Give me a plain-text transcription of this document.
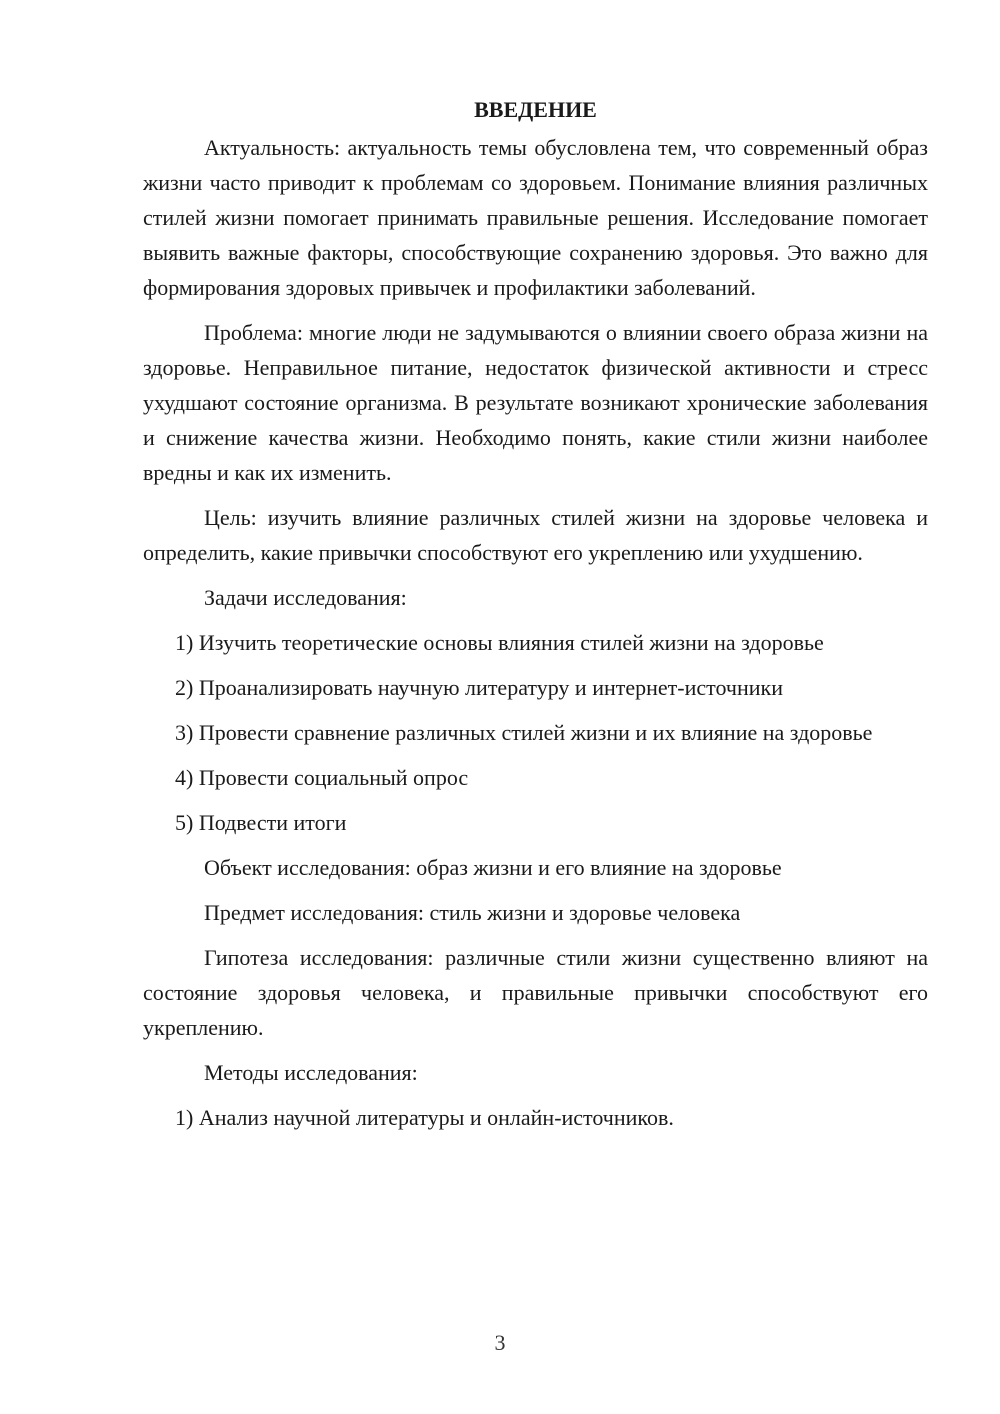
ВВЕДЕНИЕ

Актуальность: актуальность темы обусловлена тем, что современный образ жизни часто приводит к проблемам со здоровьем. Понимание влияния различных стилей жизни помогает принимать правильные решения. Исследование помогает выявить важные факторы, способствующие сохранению здоровья. Это важно для формирования здоровых привычек и профилактики заболеваний.

Проблема: многие люди не задумываются о влиянии своего образа жизни на здоровье. Неправильное питание, недостаток физической активности и стресс ухудшают состояние организма. В результате возникают хронические заболевания и снижение качества жизни. Необходимо понять, какие стили жизни наиболее вредны и как их изменить.

Цель: изучить влияние различных стилей жизни на здоровье человека и определить, какие привычки способствуют его укреплению или ухудшению.

Задачи исследования:

1) Изучить теоретические основы влияния стилей жизни на здоровье

2) Проанализировать научную литературу и интернет-источники

3) Провести сравнение различных стилей жизни и их влияние на здоровье

4) Провести социальный опрос

5) Подвести итоги

Объект исследования: образ жизни и его влияние на здоровье

Предмет исследования: стиль жизни и здоровье человека

Гипотеза исследования: различные стили жизни существенно влияют на состояние здоровья человека, и правильные привычки способствуют его укреплению.

Методы исследования:

1) Анализ научной литературы и онлайн-источников.

3
